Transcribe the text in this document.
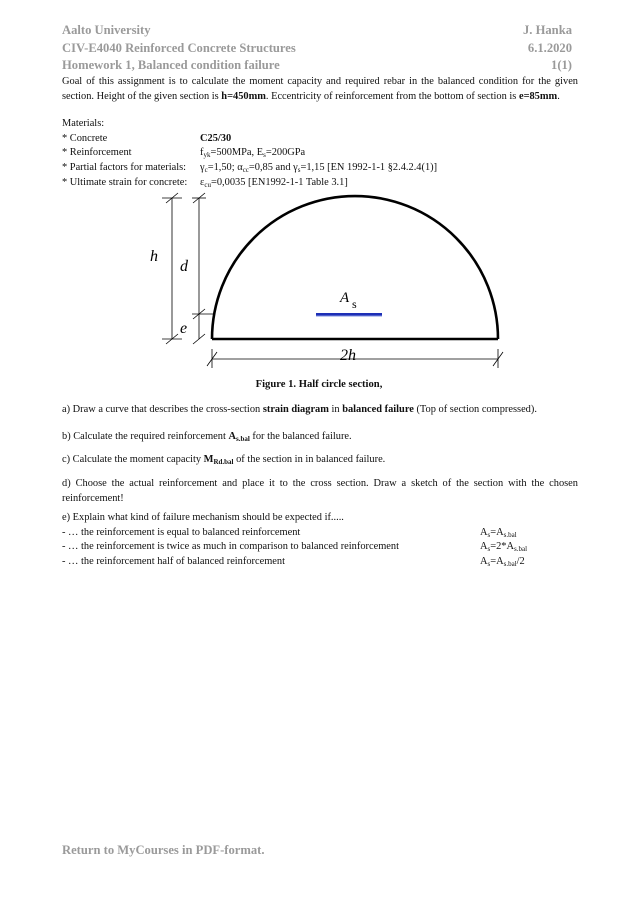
Aalto University	J. Hanka
CIV-E4040 Reinforced Concrete Structures	6.1.2020
Homework 1, Balanced condition failure	1(1)

Goal of this assignment is to calculate the moment capacity and required rebar in the balanced condition for the given section. Height of the given section is h=450mm. Eccentricity of reinforcement from the bottom of section is e=85mm.

Materials:

* Concrete	C25/30
* Reinforcement	$f_{yk}=500MPa$, $E_s=200GPa$
* Partial factors for materials:	$\gamma_c=1,50$; $\alpha_{cc}=0,85$ and $\gamma_s=1,15$ [EN 1992-1-1 §2.4.2.4(1)]
* Ultimate strain for concrete:	$\varepsilon_{cu}=0,0035$ [EN1992-1-1 Table 3.1]
h
d
e
A s
2h
Figure 1. Half circle section,
a) Draw a curve that describes the cross-section strain diagram in balanced failure (Top of section compressed).
b) Calculate the required reinforcement $A_{s.bal}$ for the balanced failure.
c) Calculate the moment capacity $M_{Rd.bal}$ of the section in in balanced failure.
d) Choose the actual reinforcement and place it to the cross section. Draw a sketch of the section with the chosen reinforcement!
e) Explain what kind of failure mechanism should be expected if.....
- … the reinforcement is equal to balanced reinforcement	$A_s=A_{s.bal}$
- … the reinforcement is twice as much in comparison to balanced reinforcement	$A_s=2*A_{s.bal}$
- … the reinforcement half of balanced reinforcement	$A_s=A_{s.bal}/2$
Return to MyCourses in PDF-format.
